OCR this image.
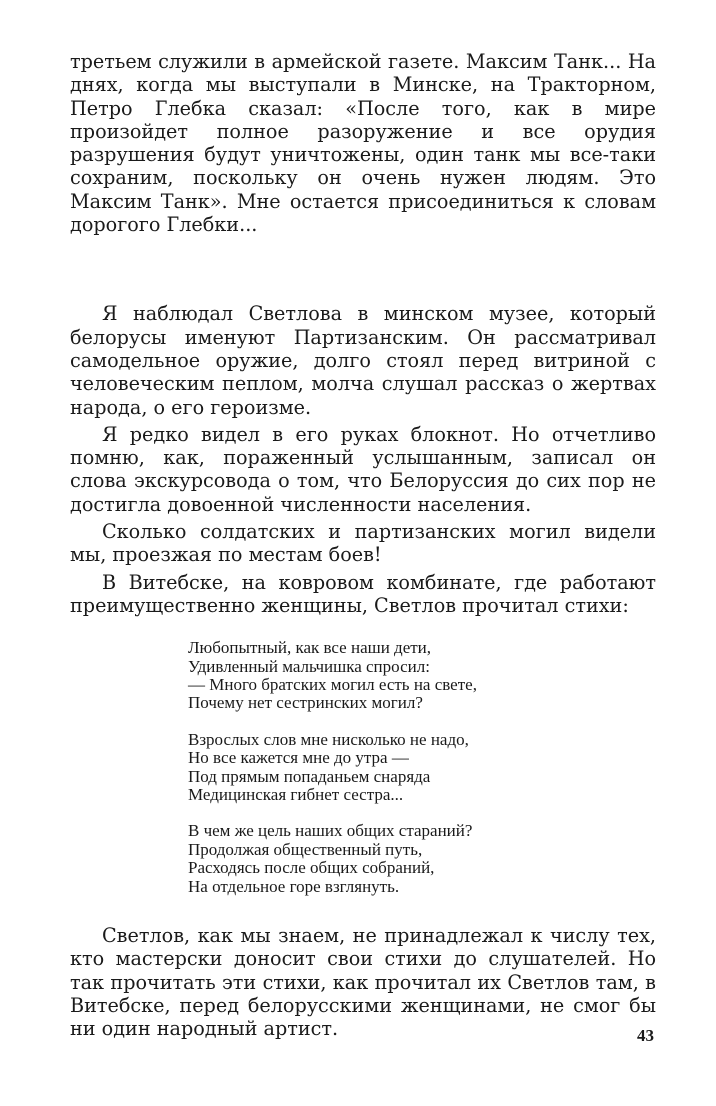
третьем служили в армейской газете. Максим Танк... На днях, когда мы выступали в Минске, на Тракторном, Петро Глебка сказал: «После того, как в мире произойдет полное разоружение и все орудия разрушения будут уничтожены, один танк мы все-таки сохраним, поскольку он очень нужен людям. Это Максим Танк». Мне остается присоединиться к словам дорогого Глебки...

Я наблюдал Светлова в минском музее, который белорусы именуют Партизанским. Он рассматривал самодельное оружие, долго стоял перед витриной с человеческим пеплом, молча слушал рассказ о жертвах народа, о его героизме.

Я редко видел в его руках блокнот. Но отчетливо помню, как, пораженный услышанным, записал он слова экскурсовода о том, что Белоруссия до сих пор не достигла довоенной численности населения.

Сколько солдатских и партизанских могил видели мы, проезжая по местам боев!

В Витебске, на ковровом комбинате, где работают преимущественно женщины, Светлов прочитал стихи:

Любопытный, как все наши дети,
Удивленный мальчишка спросил:
— Много братских могил есть на свете,
Почему нет сестринских могил?
Взрослых слов мне нисколько не надо,
Но все кажется мне до утра —
Под прямым попаданьем снаряда
Медицинская гибнет сестра...
В чем же цель наших общих стараний?
Продолжая общественный путь,
Расходясь после общих собраний,
На отдельное горе взглянуть.

Светлов, как мы знаем, не принадлежал к числу тех, кто мастерски доносит свои стихи до слушателей. Но так прочитать эти стихи, как прочитал их Светлов там, в Витебске, перед белорусскими женщинами, не смог бы ни один народный артист.	43
